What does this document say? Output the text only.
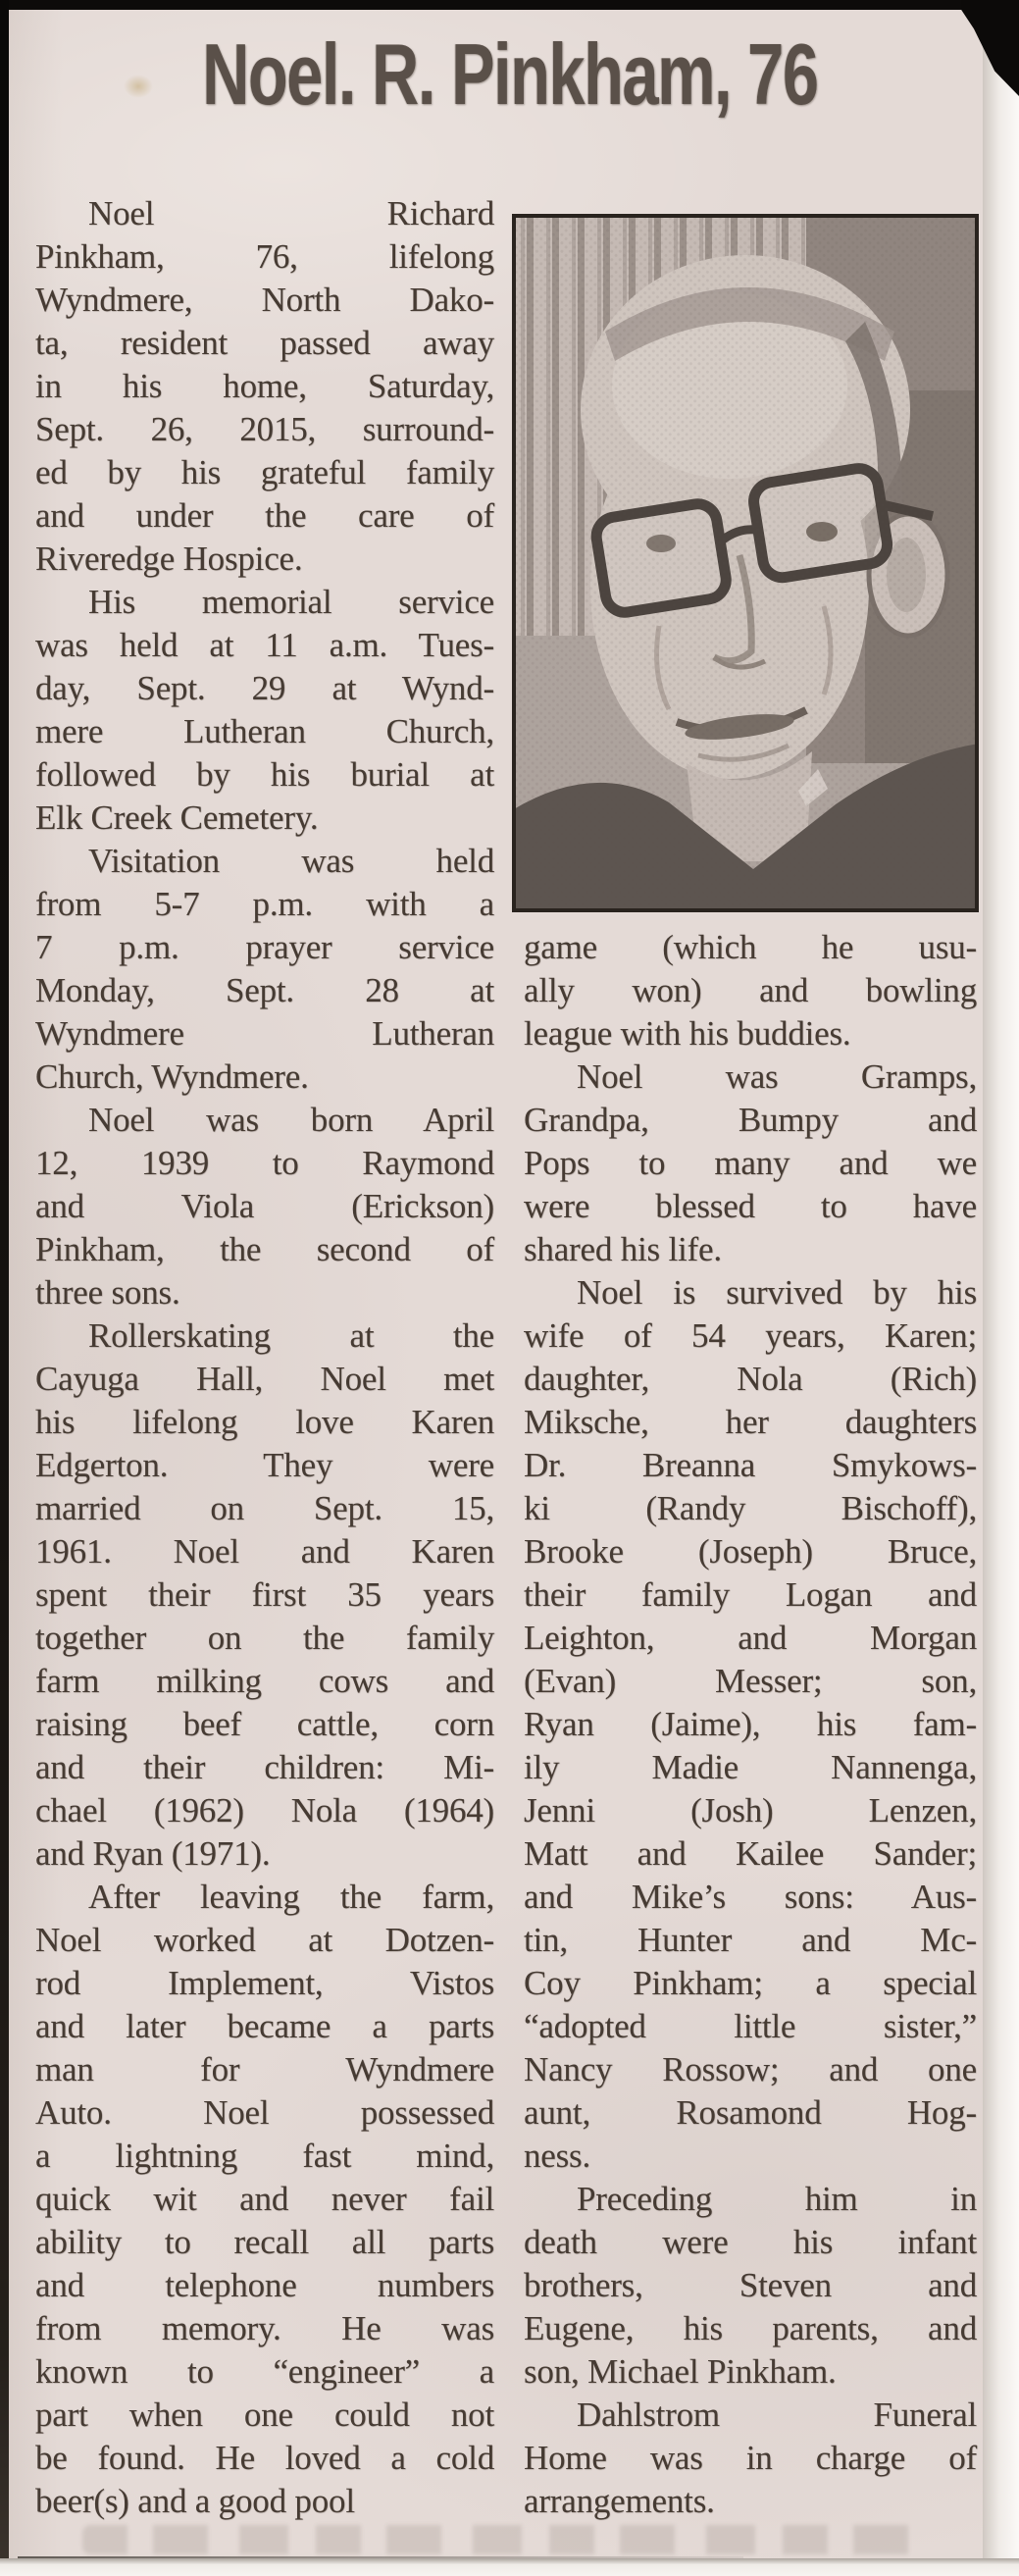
Noel. R. Pinkham, 76
Noel Richard
Pinkham, 76, lifelong
Wyndmere, North Dako-
ta, resident passed away
in his home, Saturday,
Sept. 26, 2015, surround-
ed by his grateful family
and under the care of
Riveredge Hospice.
His memorial service
was held at 11 a.m. Tues-
day, Sept. 29 at Wynd-
mere Lutheran Church,
followed by his burial at
Elk Creek Cemetery.
Visitation was held
from 5-7 p.m. with a
7 p.m. prayer service
Monday, Sept. 28 at
Wyndmere Lutheran
Church, Wyndmere.
Noel was born April
12, 1939 to Raymond
and Viola (Erickson)
Pinkham, the second of
three sons.
Rollerskating at the
Cayuga Hall, Noel met
his lifelong love Karen
Edgerton. They were
married on Sept. 15,
1961. Noel and Karen
spent their first 35 years
together on the family
farm milking cows and
raising beef cattle, corn
and their children: Mi-
chael (1962) Nola (1964)
and Ryan (1971).
After leaving the farm,
Noel worked at Dotzen-
rod Implement, Vistos
and later became a parts
man for Wyndmere
Auto. Noel possessed
a lightning fast mind,
quick wit and never fail
ability to recall all parts
and telephone numbers
from memory. He was
known to “engineer” a
part when one could not
be found. He loved a cold
beer(s) and a good pool
game (which he usu-
ally won) and bowling
league with his buddies.
Noel was Gramps,
Grandpa, Bumpy and
Pops to many and we
were blessed to have
shared his life.
Noel is survived by his
wife of 54 years, Karen;
daughter, Nola (Rich)
Miksche, her daughters
Dr. Breanna Smykows-
ki (Randy Bischoff),
Brooke (Joseph) Bruce,
their family Logan and
Leighton, and Morgan
(Evan) Messer; son,
Ryan (Jaime), his fam-
ily Madie Nannenga,
Jenni (Josh) Lenzen,
Matt and Kailee Sander;
and Mike’s sons: Aus-
tin, Hunter and Mc-
Coy Pinkham; a special
“adopted little sister,”
Nancy Rossow; and one
aunt, Rosamond Hog-
ness.
Preceding him in
death were his infant
brothers, Steven and
Eugene, his parents, and
son, Michael Pinkham.
Dahlstrom Funeral
Home was in charge of
arrangements.
